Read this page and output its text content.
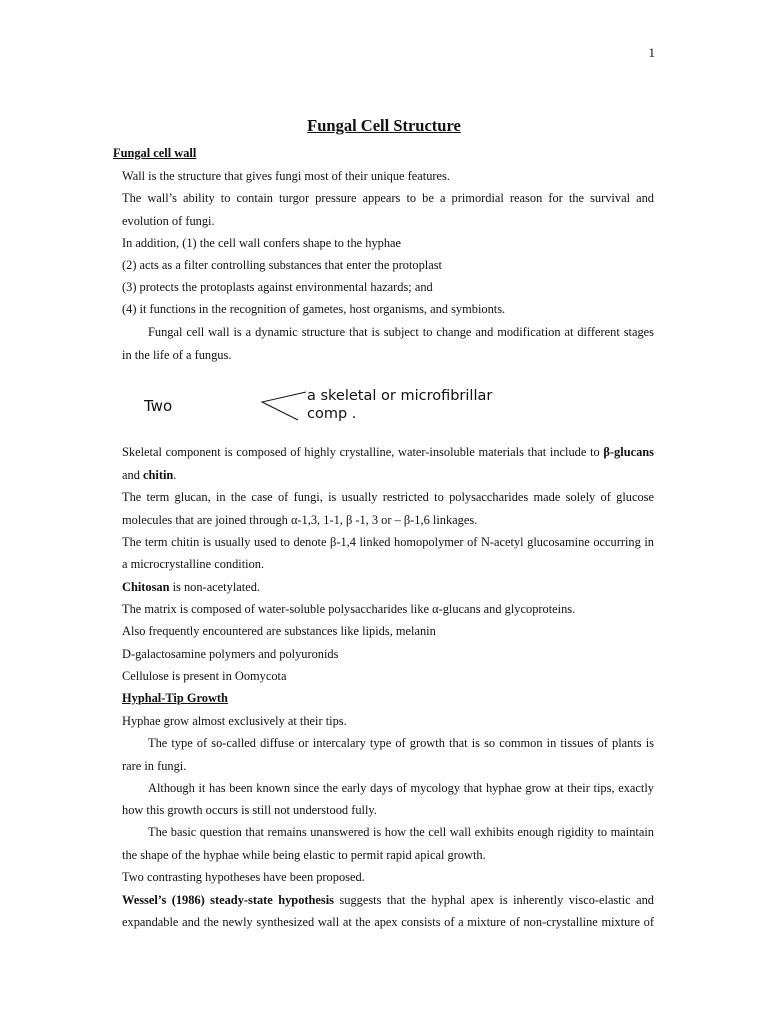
1
Fungal Cell Structure
Fungal cell wall
Wall is the structure that gives fungi most of their unique features.
The wall’s ability to contain turgor pressure appears to be a primordial reason for the survival and
evolution of fungi.
In addition, (1) the cell wall confers shape to the hyphae
(2) acts as a filter controlling substances that enter the protoplast
(3) protects the protoplasts against environmental hazards; and
(4) it functions in the recognition of gametes, host organisms, and symbionts.
Fungal cell wall is a dynamic structure that is subject to change and modification at different stages
in the life of a fungus.
Two
a skeletal or microfibrillar
comp .
Skeletal component is composed of highly crystalline, water-insoluble materials that include to β-glucans
and chitin.
The term glucan, in the case of fungi, is usually restricted to polysaccharides made solely of glucose
molecules that are joined through α-1,3, 1-1, β -1, 3 or – β-1,6 linkages.
The term chitin is usually used to denote β-1,4 linked homopolymer of N-acetyl glucosamine occurring in
a microcrystalline condition.
Chitosan is non-acetylated.
The matrix is composed of water-soluble polysaccharides like α-glucans and glycoproteins.
Also frequently encountered are substances like lipids, melanin
D-galactosamine polymers and polyuronids
Cellulose is present in Oomycota
Hyphal-Tip Growth
Hyphae grow almost exclusively at their tips.
The type of so-called diffuse or intercalary type of growth that is so common in tissues of plants is
rare in fungi.
Although it has been known since the early days of mycology that hyphae grow at their tips, exactly
how this growth occurs is still not understood fully.
The basic question that remains unanswered is how the cell wall exhibits enough rigidity to maintain
the shape of the hyphae while being elastic to permit rapid apical growth.
Two contrasting hypotheses have been proposed.
Wessel’s (1986) steady-state hypothesis suggests that the hyphal apex is inherently visco-elastic and
expandable and the newly synthesized wall at the apex consists of a mixture of non-crystalline mixture of
